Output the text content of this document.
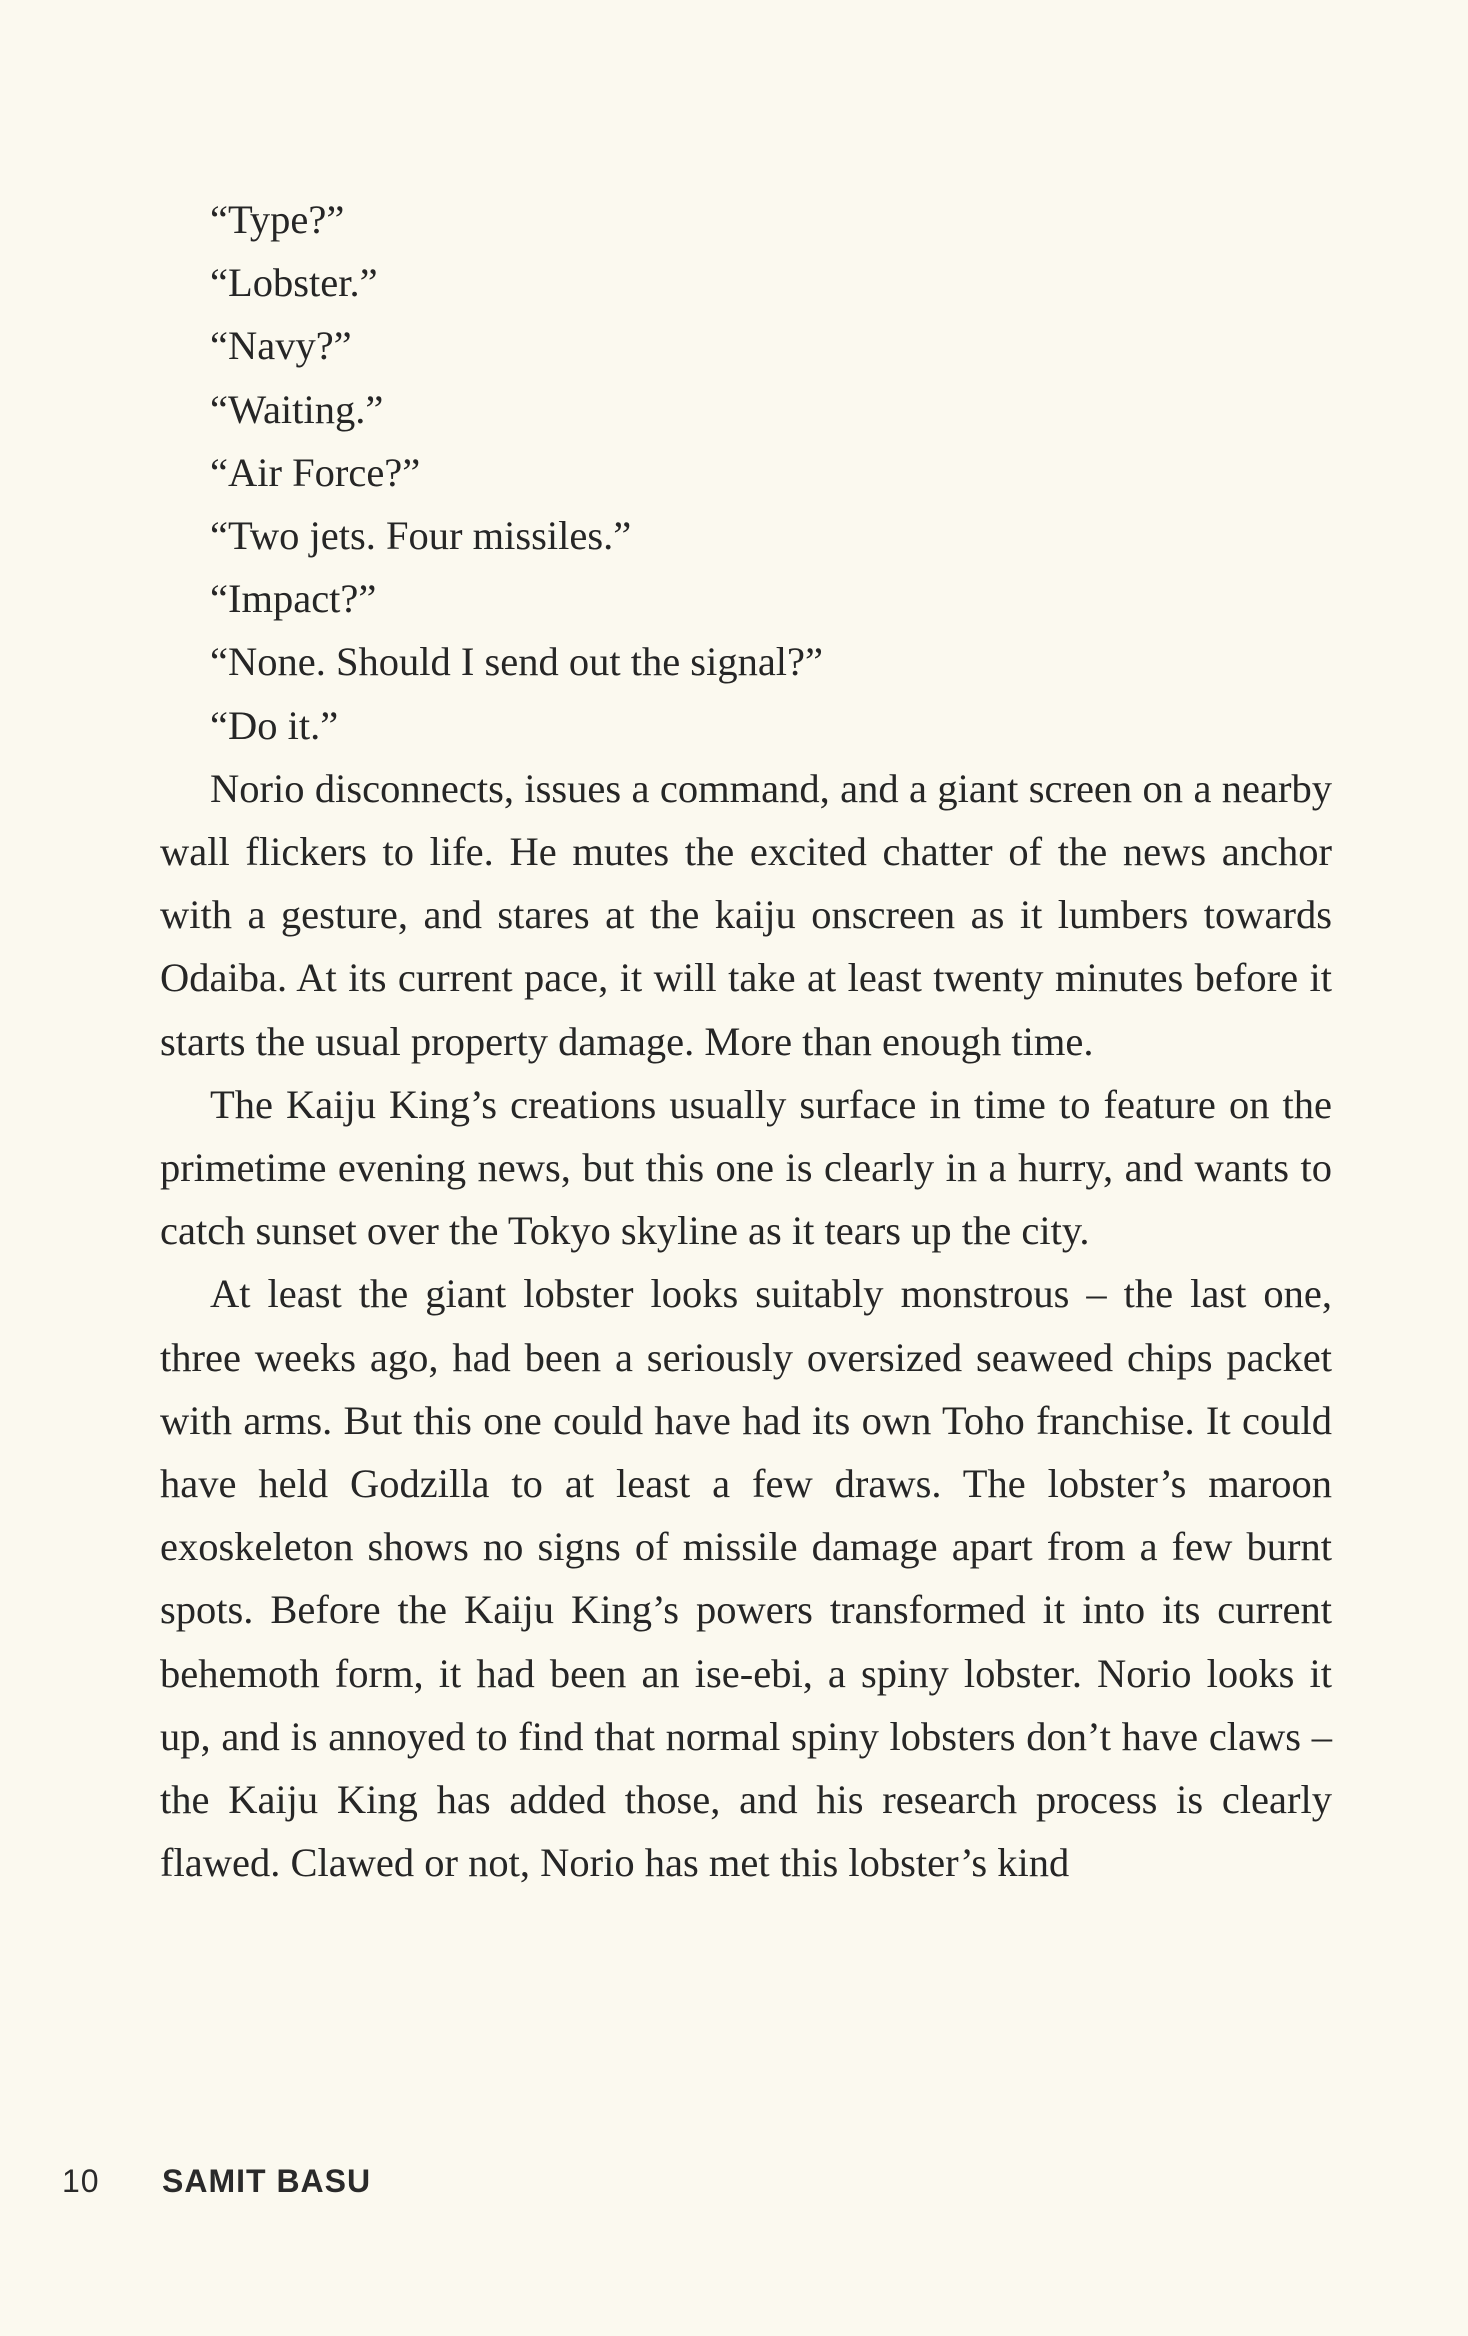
“Type?”

“Lobster.”

“Navy?”

“Waiting.”

“Air Force?”

“Two jets. Four missiles.”

“Impact?”

“None. Should I send out the signal?”

“Do it.”

Norio disconnects, issues a command, and a giant screen on a nearby wall flickers to life. He mutes the excited chatter of the news anchor with a gesture, and stares at the kaiju onscreen as it lumbers towards Odaiba. At its current pace, it will take at least twenty minutes before it starts the usual property damage. More than enough time.

The Kaiju King’s creations usually surface in time to feature on the primetime evening news, but this one is clearly in a hurry, and wants to catch sunset over the Tokyo skyline as it tears up the city.

At least the giant lobster looks suitably monstrous – the last one, three weeks ago, had been a seriously oversized seaweed chips packet with arms. But this one could have had its own Toho franchise. It could have held Godzilla to at least a few draws. The lobster’s maroon exoskeleton shows no signs of missile damage apart from a few burnt spots. Before the Kaiju King’s powers transformed it into its current behemoth form, it had been an ise-ebi, a spiny lobster. Norio looks it up, and is annoyed to find that normal spiny lobsters don’t have claws – the Kaiju King has added those, and his research process is clearly flawed. Clawed or not, Norio has met this lobster’s kind

10 SAMIT BASU
